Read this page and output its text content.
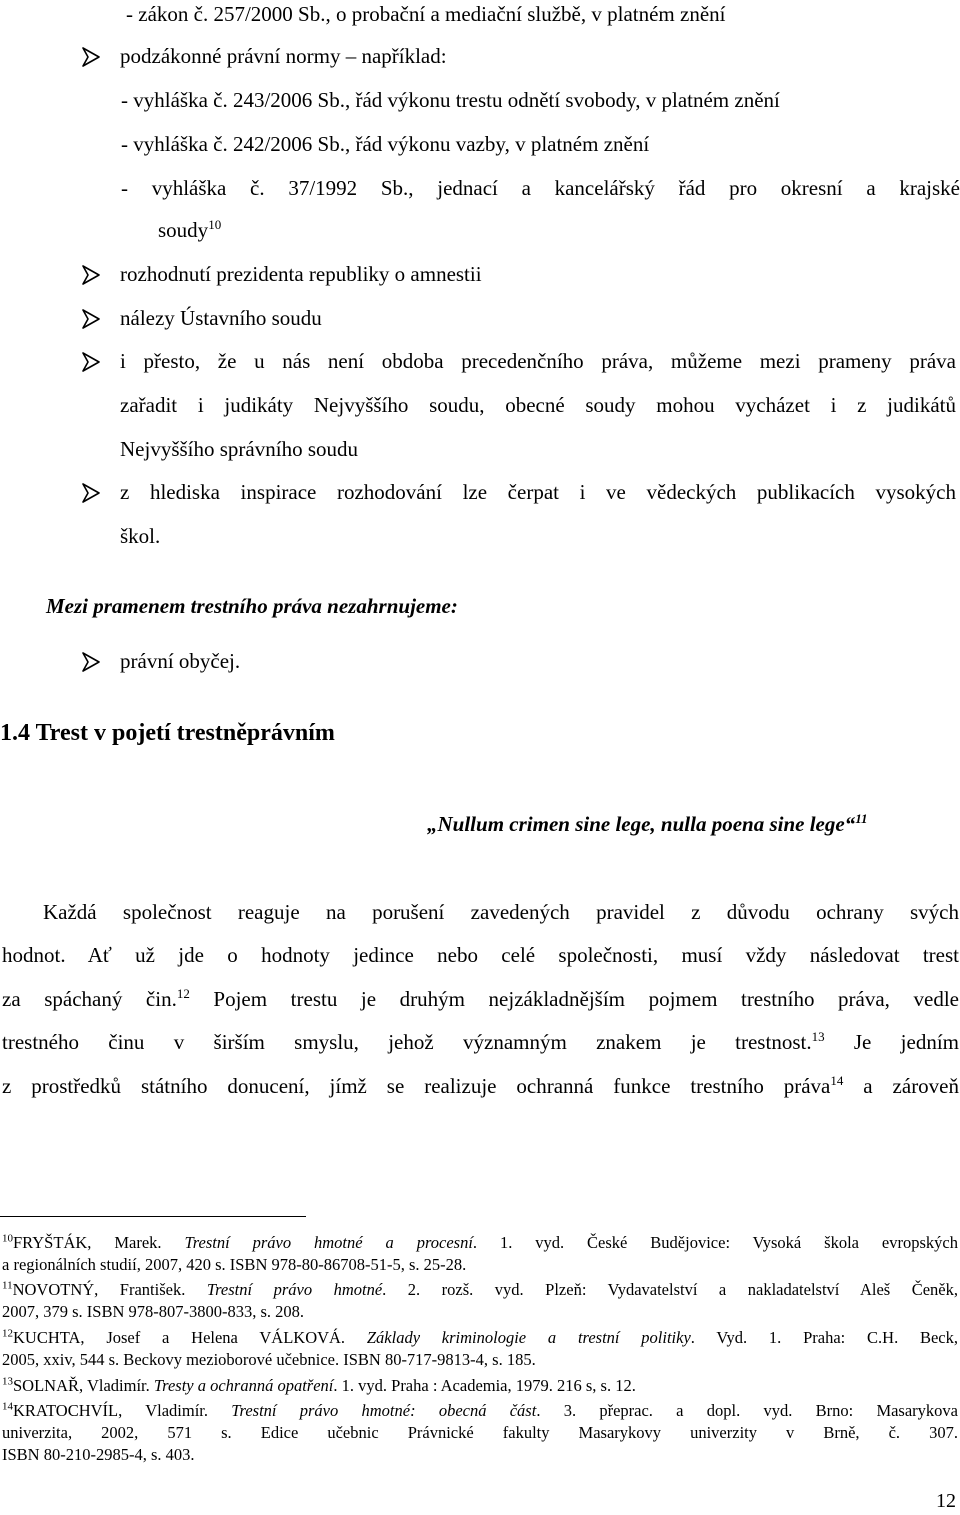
- zákon č. 257/2000 Sb., o probační a mediační službě, v platném znění
podzákonné právní normy – například:
- vyhláška č. 243/2006 Sb., řád výkonu trestu odnětí svobody, v platném znění
- vyhláška č. 242/2006 Sb., řád výkonu vazby, v platném znění
- vyhláška č. 37/1992 Sb., jednací a kancelářský řád pro okresní a krajské
soudy$^{10}$
rozhodnutí prezidenta republiky o amnestii
nálezy Ústavního soudu
i přesto, že u nás není obdoba precedenčního práva, můžeme mezi prameny práva
zařadit i judikáty Nejvyššího soudu, obecné soudy mohou vycházet i z judikátů
Nejvyššího správního soudu
z hlediska inspirace rozhodování lze čerpat i ve vědeckých publikacích vysokých
škol.
Mezi pramenem trestního práva nezahrnujeme:
právní obyčej.
1.4 Trest v pojetí trestněprávním
„Nullum crimen sine lege, nulla poena sine lege“$^{11}$
Každá společnost reaguje na porušení zavedených pravidel z důvodu ochrany svých
hodnot. Ať už jde o hodnoty jedince nebo celé společnosti, musí vždy následovat trest
za spáchaný čin.$^{12}$ Pojem trestu je druhým nejzákladnějším pojmem trestního práva, vedle
trestného činu v širším smyslu, jehož významným znakem je trestnost.$^{13}$ Je jedním
z prostředků státního donucení, jímž se realizuje ochranná funkce trestního práva$^{14}$ a zároveň
$^{10}$FRYŠTÁK, Marek. Trestní právo hmotné a procesní. 1. vyd. České Budějovice: Vysoká škola evropských
a regionálních studií, 2007, 420 s. ISBN 978-80-86708-51-5, s. 25-28.
$^{11}$NOVOTNÝ, František. Trestní právo hmotné. 2. rozš. vyd. Plzeň: Vydavatelství a nakladatelství Aleš Čeněk,
2007, 379 s. ISBN 978-807-3800-833, s. 208.
$^{12}$KUCHTA, Josef a Helena VÁLKOVÁ. Základy kriminologie a trestní politiky. Vyd. 1. Praha: C.H. Beck,
2005, xxiv, 544 s. Beckovy mezioborové učebnice. ISBN 80-717-9813-4, s. 185.
$^{13}$SOLNAŘ, Vladimír. Tresty a ochranná opatření. 1. vyd. Praha : Academia, 1979. 216 s, s. 12.
$^{14}$KRATOCHVÍL, Vladimír. Trestní právo hmotné: obecná část. 3. přeprac. a dopl. vyd. Brno: Masarykova
univerzita, 2002, 571 s. Edice učebnic Právnické fakulty Masarykovy univerzity v Brně, č. 307.
ISBN 80-210-2985-4, s. 403.
12
